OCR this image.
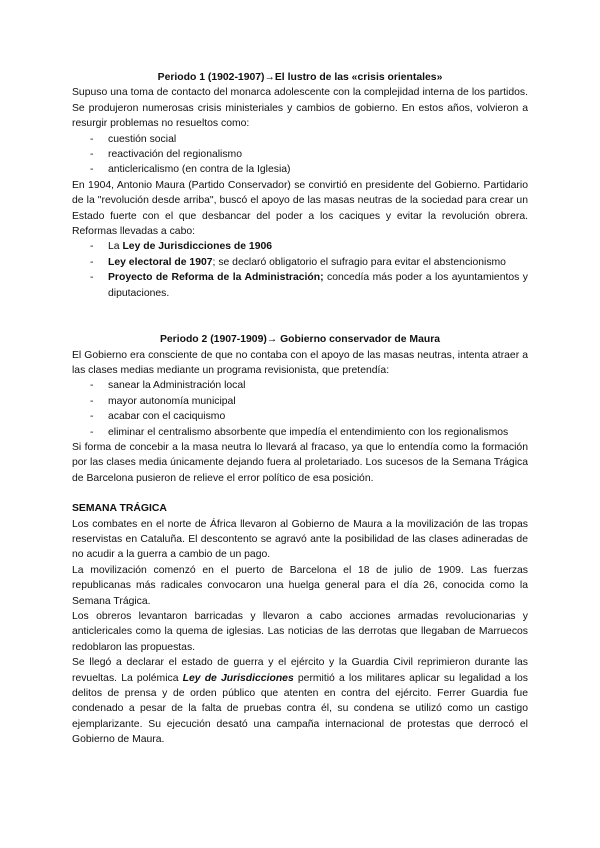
Periodo 1 (1902-1907)→El lustro de las «crisis orientales»

Supuso una toma de contacto del monarca adolescente con la complejidad interna de los partidos. Se produjeron numerosas crisis ministeriales y cambios de gobierno. En estos años, volvieron a resurgir problemas no resueltos como:

- cuestión social
- reactivación del regionalismo
- anticlericalismo (en contra de la Iglesia)

En 1904, Antonio Maura (Partido Conservador) se convirtió en presidente del Gobierno. Partidario de la "revolución desde arriba", buscó el apoyo de las masas neutras de la sociedad para crear un Estado fuerte con el que desbancar del poder a los caciques y evitar la revolución obrera. Reformas llevadas a cabo:

- La Ley de Jurisdicciones de 1906
- Ley electoral de 1907; se declaró obligatorio el sufragio para evitar el abstencionismo
- Proyecto de Reforma de la Administración; concedía más poder a los ayuntamientos y diputaciones.
Periodo 2 (1907-1909)→ Gobierno conservador de Maura

El Gobierno era consciente de que no contaba con el apoyo de las masas neutras, intenta atraer a las clases medias mediante un programa revisionista, que pretendía:

- sanear la Administración local
- mayor autonomía municipal
- acabar con el caciquismo
- eliminar el centralismo absorbente que impedía el entendimiento con los regionalismos

Si forma de concebir a la masa neutra lo llevará al fracaso, ya que lo entendía como la formación por las clases media únicamente dejando fuera al proletariado. Los sucesos de la Semana Trágica de Barcelona pusieron de relieve el error político de esa posición.

SEMANA TRÁGICA

Los combates en el norte de África llevaron al Gobierno de Maura a la movilización de las tropas reservistas en Cataluña. El descontento se agravó ante la posibilidad de las clases adineradas de no acudir a la guerra a cambio de un pago.

La movilización comenzó en el puerto de Barcelona el 18 de julio de 1909. Las fuerzas republicanas más radicales convocaron una huelga general para el día 26, conocida como la Semana Trágica.

Los obreros levantaron barricadas y llevaron a cabo acciones armadas revolucionarias y anticlericales como la quema de iglesias. Las noticias de las derrotas que llegaban de Marruecos redoblaron las propuestas.

Se llegó a declarar el estado de guerra y el ejército y la Guardia Civil reprimieron durante las revueltas. La polémica Ley de Jurisdicciones permitió a los militares aplicar su legalidad a los delitos de prensa y de orden público que atenten en contra del ejército. Ferrer Guardia fue condenado a pesar de la falta de pruebas contra él, su condena se utilizó como un castigo ejemplarizante. Su ejecución desató una campaña internacional de protestas que derrocó el Gobierno de Maura.
